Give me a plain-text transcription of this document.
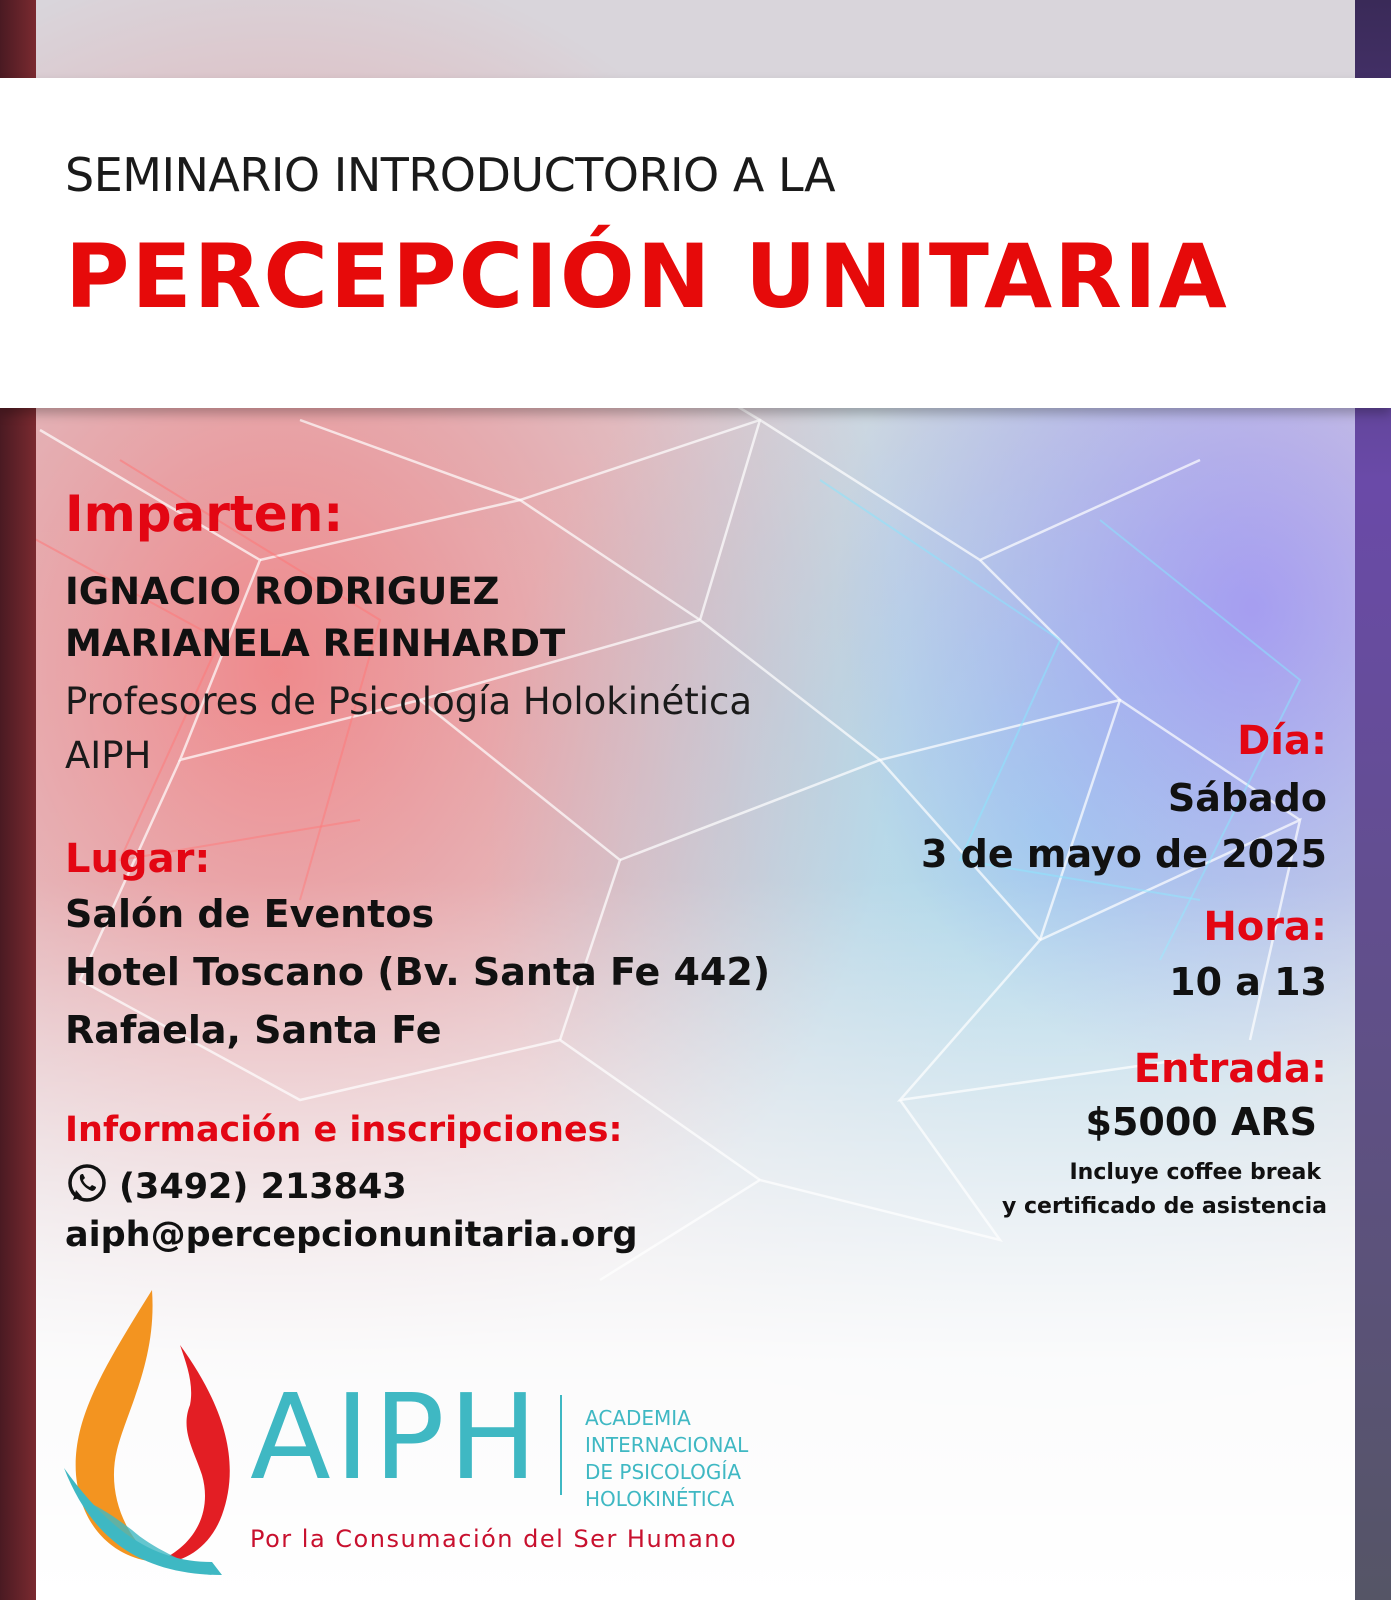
SEMINARIO INTRODUCTORIO A LA
PERCEPCIÓN UNITARIA
Imparten:
IGNACIO RODRIGUEZ
MARIANELA REINHARDT
Profesores de Psicología Holokinética
AIPH
Lugar:
Salón de Eventos
Hotel Toscano (Bv. Santa Fe 442)
Rafaela, Santa Fe
Información e inscripciones:
(3492) 213843
aiph@percepcionunitaria.org
Día:
Sábado
3 de mayo de 2025
Hora:
10 a 13
Entrada:
$5000 ARS
Incluye coffee break
y certificado de asistencia
AIPH ACADEMIA
INTERNACIONAL
DE PSICOLOGÍA
HOLOKINÉTICA
Por la Consumación del Ser Humano
